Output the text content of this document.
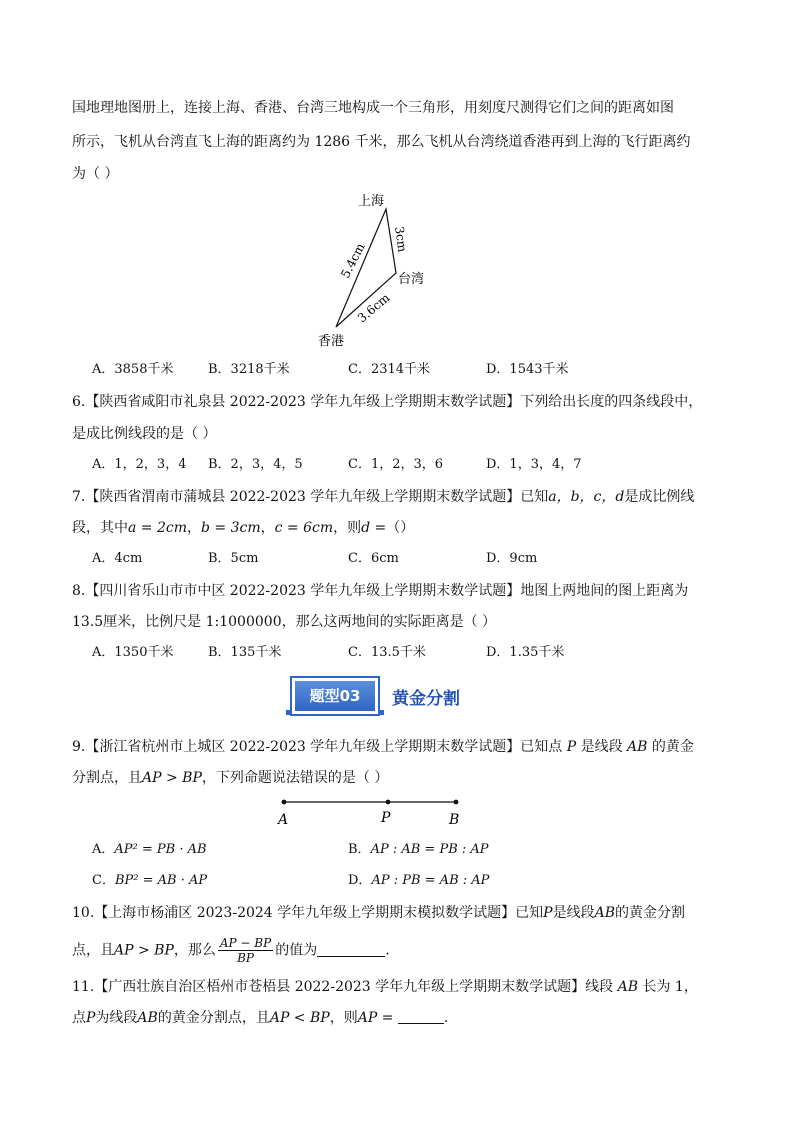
国地理地图册上，连接上海、香港、台湾三地构成一个三角形，用刻度尺测得它们之间的距离如图
所示，飞机从台湾直飞上海的距离约为 1286 千米，那么飞机从台湾绕道香港再到上海的飞行距离约
为（ ）
上海
台湾
香港
5.4cm
3cm
3.6cm
A．3858千米	B．3218千米	C．2314千米	D．1543千米
6.【陕西省咸阳市礼泉县 2022-2023 学年九年级上学期期末数学试题】下列给出长度的四条线段中，
是成比例线段的是（ ）
A．1，2，3，4 B．2，3，4，5	C．1，2，3，6	D．1，3，4，7
7.【陕西省渭南市蒲城县 2022-2023 学年九年级上学期期末数学试题】已知a，b，c，d是成比例线
段，其中a = 2cm，b = 3cm，c = 6cm，则d =（）
A．4cm	B．5cm	C．6cm	D．9cm
8.【四川省乐山市市中区 2022-2023 学年九年级上学期期末数学试题】地图上两地间的图上距离为
13.5厘米，比例尺是 1:1000000，那么这两地间的实际距离是（ ）
A．1350千米	B．135千米	C．13.5千米	D．1.35千米
题型03	黄金分割
9.【浙江省杭州市上城区 2022-2023 学年九年级上学期期末数学试题】已知点 P 是线段 AB 的黄金
分割点，且AP > BP，下列命题说法错误的是（ ）
A	P	B
A．AP² = PB · AB	B．AP : AB = PB : AP
C．BP² = AB · AP	D．AP : PB = AB : AP
10.【上海市杨浦区 2023-2024 学年九年级上学期期末模拟数学试题】已知P是线段AB的黄金分割
点，且AP > BP，那么 $\frac{AP - BP}{BP}$ 的值为	.
11.【广西壮族自治区梧州市苍梧县 2022-2023 学年九年级上学期期末数学试题】线段 AB 长为 1，
点P为线段AB的黄金分割点，且AP < BP，则AP =	.
